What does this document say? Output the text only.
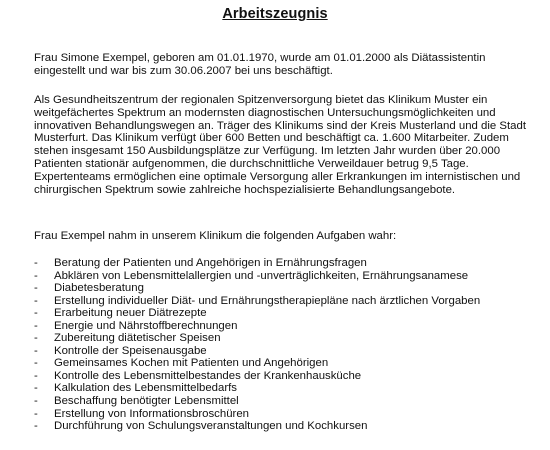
Arbeitszeugnis

Frau Simone Exempel, geboren am 01.01.1970, wurde am 01.01.2000 als Diätassistentin eingestellt und war bis zum 30.06.2007 bei uns beschäftigt.

Als Gesundheitszentrum der regionalen Spitzenversorgung bietet das Klinikum Muster ein weitgefächertes Spektrum an modernsten diagnostischen Untersuchungsmöglichkeiten und innovativen Behandlungswegen an. Träger des Klinikums sind der Kreis Musterland und die Stadt Musterfurt. Das Klinikum verfügt über 600 Betten und beschäftigt ca. 1.600 Mitarbeiter. Zudem stehen insgesamt 150 Ausbildungsplätze zur Verfügung. Im letzten Jahr wurden über 20.000 Patienten stationär aufgenommen, die durchschnittliche Verweildauer betrug 9,5 Tage. Expertenteams ermöglichen eine optimale Versorgung aller Erkrankungen im internistischen und chirurgischen Spektrum sowie zahlreiche hochspezialisierte Behandlungsangebote.

Frau Exempel nahm in unserem Klinikum die folgenden Aufgaben wahr:

- Beratung der Patienten und Angehörigen in Ernährungsfragen
- Abklären von Lebensmittelallergien und -unverträglichkeiten, Ernährungsanamese
- Diabetesberatung
- Erstellung individueller Diät- und Ernährungstherapiepläne nach ärztlichen Vorgaben
- Erarbeitung neuer Diätrezepte
- Energie und Nährstoffberechnungen
- Zubereitung diätetischer Speisen
- Kontrolle der Speisenausgabe
- Gemeinsames Kochen mit Patienten und Angehörigen
- Kontrolle des Lebensmittelbestandes der Krankenhausküche
- Kalkulation des Lebensmittelbedarfs
- Beschaffung benötigter Lebensmittel
- Erstellung von Informationsbroschüren
- Durchführung von Schulungsveranstaltungen und Kochkursen
